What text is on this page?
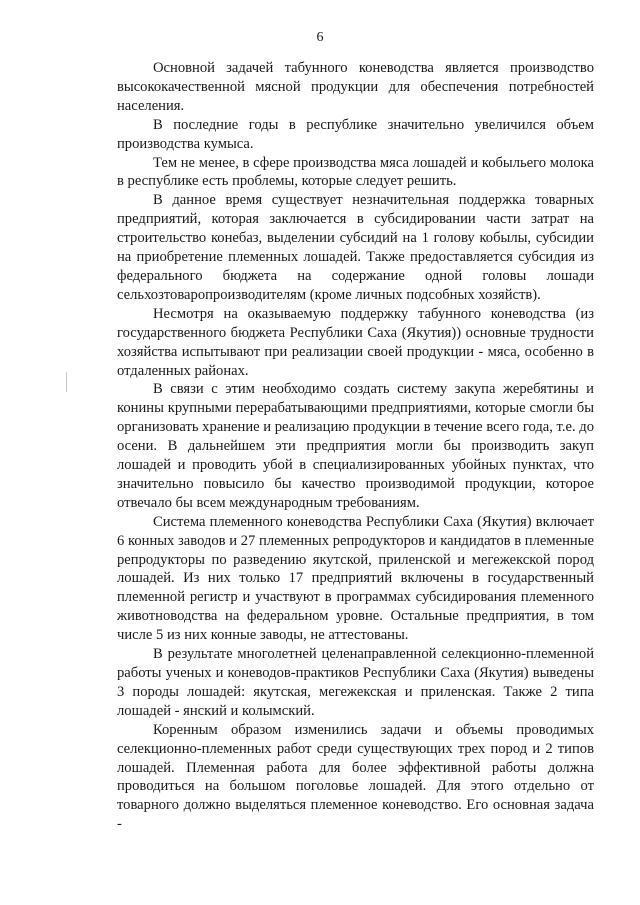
6

Основной задачей табунного коневодства является производство высококачественной мясной продукции для обеспечения потребностей населения.

В последние годы в республике значительно увеличился объем производства кумыса.

Тем не менее, в сфере производства мяса лошадей и кобыльего молока в республике есть проблемы, которые следует решить.

В данное время существует незначительная поддержка товарных предприятий, которая заключается в субсидировании части затрат на строительство конебаз, выделении субсидий на 1 голову кобылы, субсидии на приобретение племенных лошадей. Также предоставляется субсидия из федерального бюджета на содержание одной головы лошади сельхозтоваропроизводителям (кроме личных подсобных хозяйств).

Несмотря на оказываемую поддержку табунного коневодства (из государственного бюджета Республики Саха (Якутия)) основные трудности хозяйства испытывают при реализации своей продукции - мяса, особенно в отдаленных районах.

В связи с этим необходимо создать систему закупа жеребятины и конины крупными перерабатывающими предприятиями, которые смогли бы организовать хранение и реализацию продукции в течение всего года, т.е. до осени. В дальнейшем эти предприятия могли бы производить закуп лошадей и проводить убой в специализированных убойных пунктах, что значительно повысило бы качество производимой продукции, которое отвечало бы всем международным требованиям.

Система племенного коневодства Республики Саха (Якутия) включает 6 конных заводов и 27 племенных репродукторов и кандидатов в племенные репродукторы по разведению якутской, приленской и мегежекской пород лошадей. Из них только 17 предприятий включены в государственный племенной регистр и участвуют в программах субсидирования племенного животноводства на федеральном уровне. Остальные предприятия, в том числе 5 из них конные заводы, не аттестованы.

В результате многолетней целенаправленной селекционно-племенной работы ученых и коневодов-практиков Республики Саха (Якутия) выведены 3 породы лошадей: якутская, мегежекская и приленская. Также 2 типа лошадей - янский и колымский.

Коренным образом изменились задачи и объемы проводимых селекционно-племенных работ среди существующих трех пород и 2 типов лошадей. Племенная работа для более эффективной работы должна проводиться на большом поголовье лошадей. Для этого отдельно от товарного должно выделяться племенное коневодство. Его основная задача -
